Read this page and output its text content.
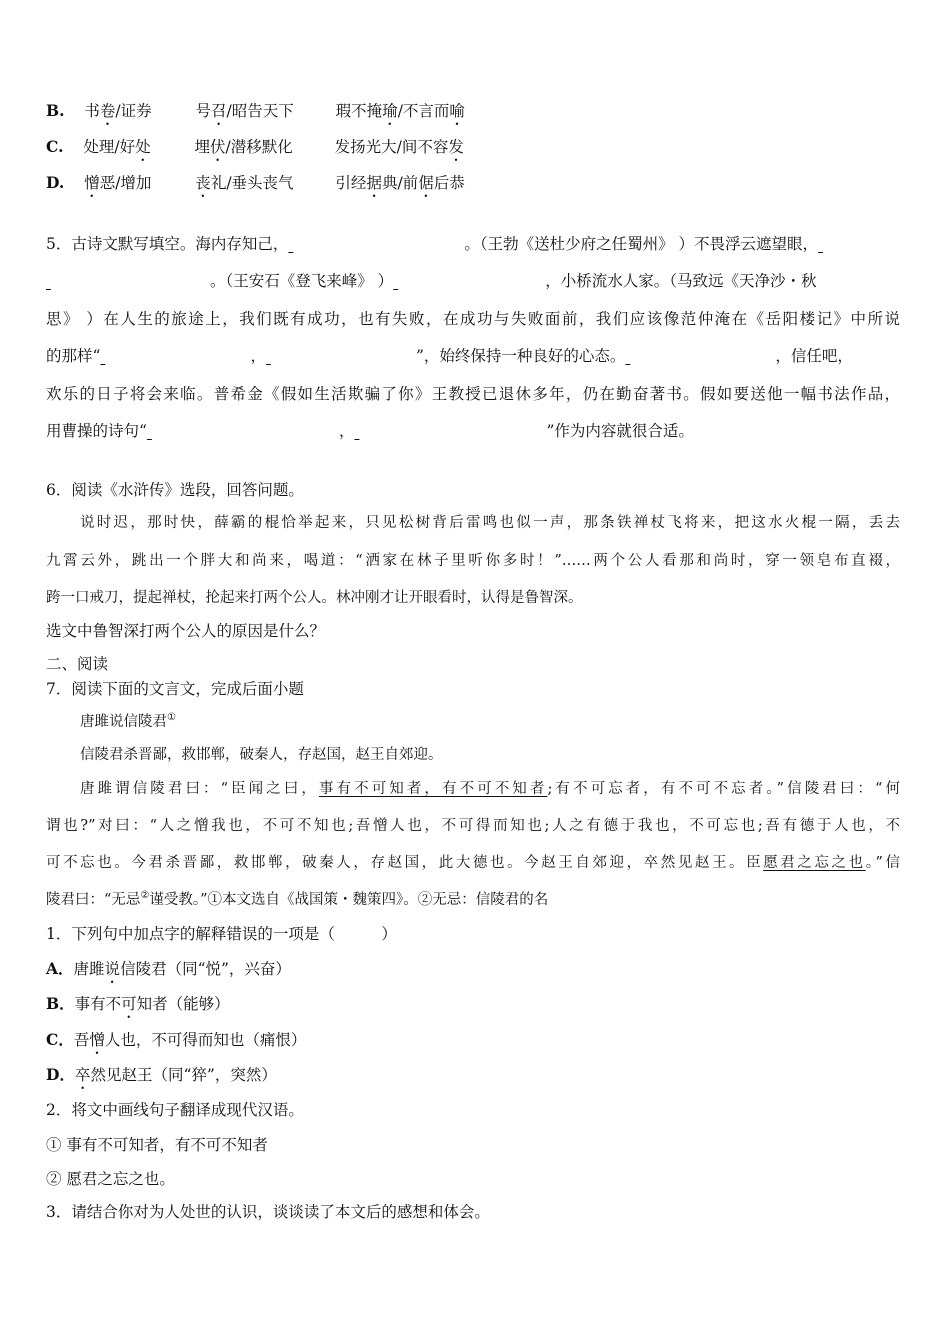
B. 书卷/证券	号召/昭告天下	瑕不掩瑜/不言而喻
C. 处理/好处	埋伏/潜移默化	发扬光大/间不容发
D. 憎恶/增加	丧礼/垂头丧气	引经据典/前倨后恭
5．古诗文默写填空。海内存知己，	。（王勃《送杜少府之任蜀州》 ）不畏浮云遮望眼，
。（王安石《登飞来峰》 ）	，小桥流水人家。（马致远《天净沙・秋
思》 ）在人生的旅途上，我们既有成功，也有失败，在成功与失败面前，我们应该像范仲淹在《岳阳楼记》中所说
的那样“	，	”，始终保持一种良好的心态。	，信任吧，
欢乐的日子将会来临。普希金《假如生活欺骗了你》王教授已退休多年，仍在勤奋著书。假如要送他一幅书法作品，
用曹操的诗句“	，	”作为内容就很合适。
6．阅读《水浒传》选段，回答问题。
说时迟，那时快，薛霸的棍恰举起来，只见松树背后雷鸣也似一声，那条铁禅杖飞将来，把这水火棍一隔，丢去
九霄云外，跳出一个胖大和尚来，喝道：“洒家在林子里听你多时！”……两个公人看那和尚时，穿一领皂布直裰，
跨一口戒刀，提起禅杖，抡起来打两个公人。林冲刚才让开眼看时，认得是鲁智深。
选文中鲁智深打两个公人的原因是什么？
二、阅读
7．阅读下面的文言文，完成后面小题
唐雎说信陵君①
信陵君杀晋鄙，救邯郸，破秦人，存赵国，赵王自郊迎。
唐雎谓信陵君曰：“臣闻之曰，事有不可知者，有不可不知者;有不可忘者，有不可不忘者。”信陵君曰：“何
谓也?”对曰：“人之憎我也，不可不知也;吾憎人也，不可得而知也;人之有德于我也，不可忘也;吾有德于人也，不
可不忘也。今君杀晋鄙，救邯郸，破秦人，存赵国，此大德也。今赵王自郊迎，卒然见赵王。臣愿君之忘之也。”信
陵君曰：“无忌②谨受教。”①本文选自《战国策・魏策四》。②无忌：信陵君的名
1．下列句中加点字的解释错误的一项是（　　　）
A．唐雎说信陵君（同“悦”，兴奋）
B．事有不可知者（能够）
C．吾憎人也，不可得而知也（痛恨）
D．卒然见赵王（同“猝”，突然）
2．将文中画线句子翻译成现代汉语。
① 事有不可知者，有不可不知者
② 愿君之忘之也。
3．请结合你对为人处世的认识，谈谈读了本文后的感想和体会。
